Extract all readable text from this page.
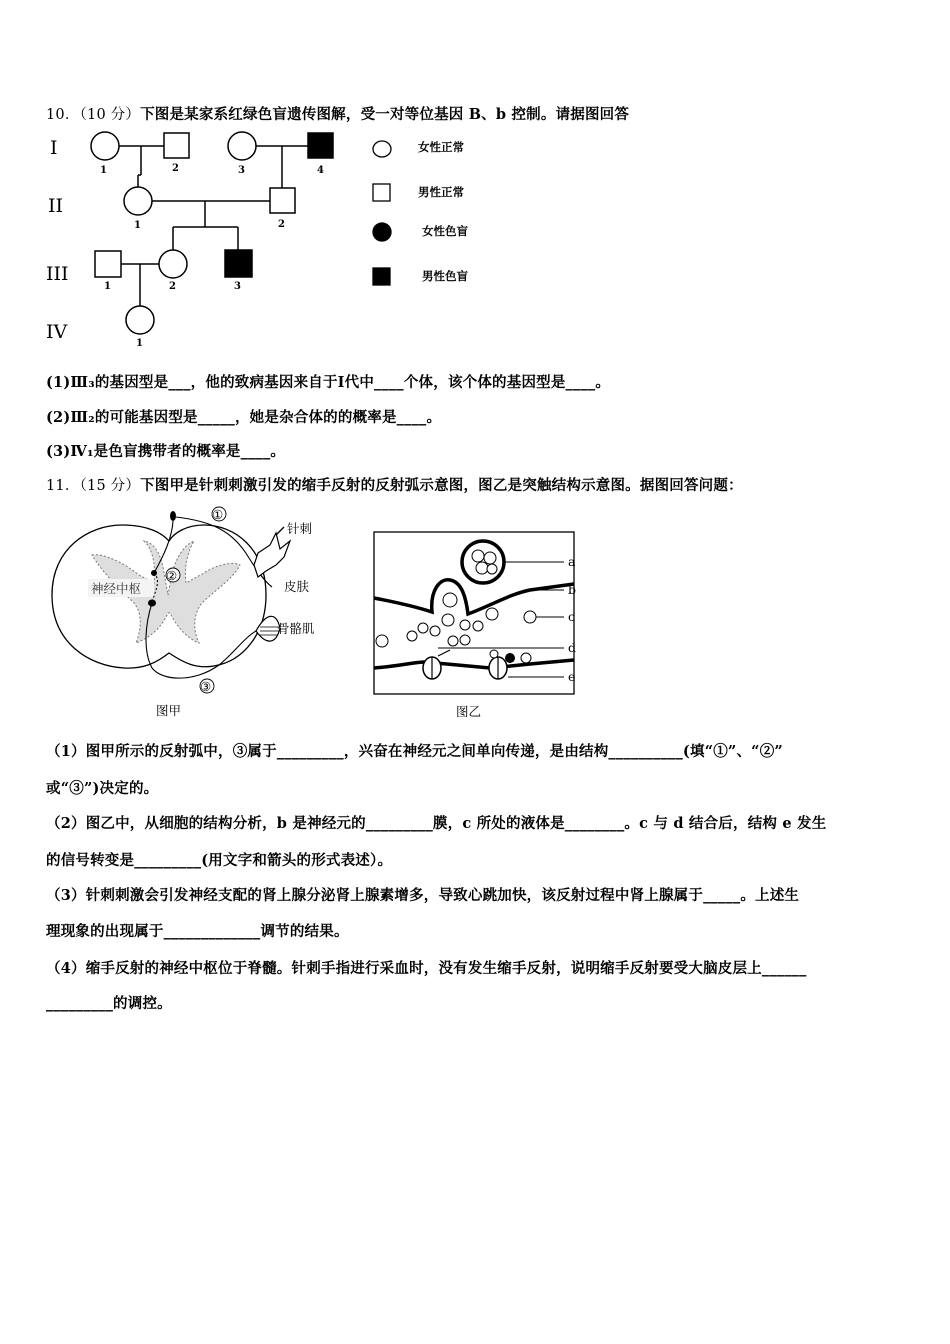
10．（10 分）下图是某家系红绿色盲遗传图解，受一对等位基因 B、b 控制。请据图回答
I
II
III
IV
1	2	3	4
1	2
1	2	3
1
女性正常
男性正常
女性色盲
男性色盲
(1)Ⅲ₃的基因型是___，他的致病基因来自于Ⅰ代中____个体，该个体的基因型是____。
(2)Ⅲ₂的可能基因型是_____，她是杂合体的的概率是____。
(3)Ⅳ₁是色盲携带者的概率是____。
11．（15 分）下图甲是针刺刺激引发的缩手反射的反射弧示意图，图乙是突触结构示意图。据图回答问题：
神经中枢
①
针刺
皮肤
②
骨骼肌
③
图甲
a
b
c
d
e
图乙
（1）图甲所示的反射弧中，③属于_________，兴奋在神经元之间单向传递，是由结构__________(填“①”、“②”
或“③”)决定的。
（2）图乙中，从细胞的结构分析，b 是神经元的_________膜，c 所处的液体是________。c 与 d 结合后，结构 e 发生
的信号转变是_________(用文字和箭头的形式表述）。
（3）针刺刺激会引发神经支配的肾上腺分泌肾上腺素增多，导致心跳加快，该反射过程中肾上腺属于_____。上述生
理现象的出现属于_____________调节的结果。
（4）缩手反射的神经中枢位于脊髓。针刺手指进行采血时，没有发生缩手反射，说明缩手反射要受大脑皮层上______
_________的调控。
